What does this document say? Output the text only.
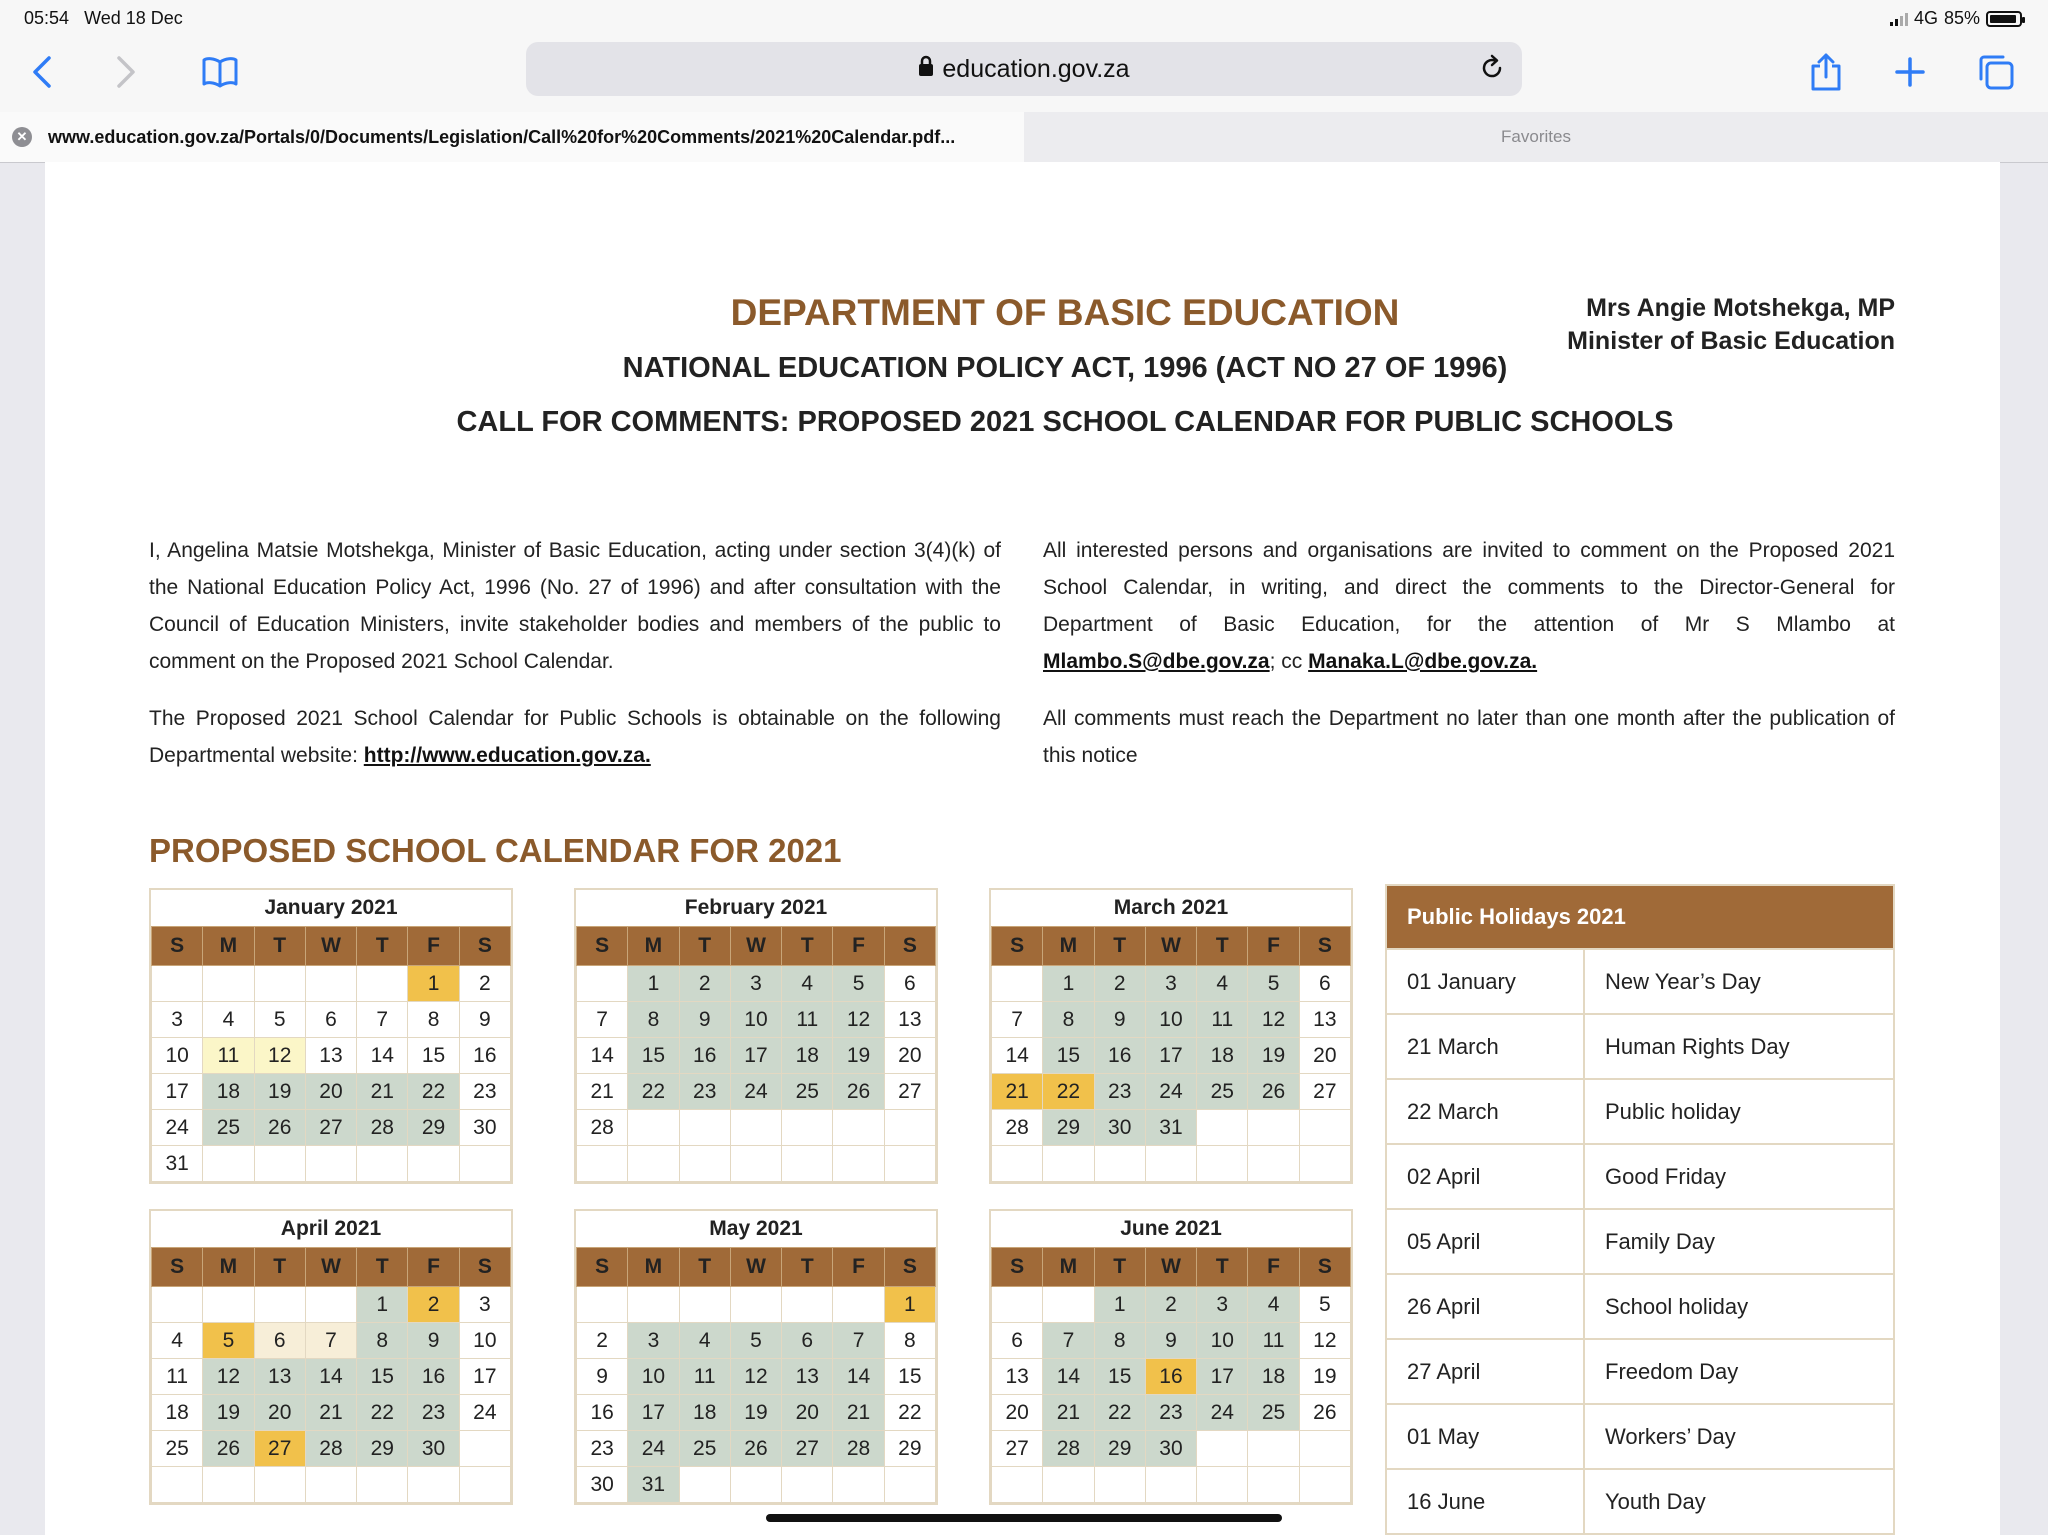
05:54 Wed 18 Dec	4G 85%
education.gov.za
✕ www.education.gov.za/Portals/0/Documents/Legislation/Call%20for%20Comments/2021%20Calendar.pdf...	Favorites
DEPARTMENT OF BASIC EDUCATION	Mrs Angie Motshekga, MP
Minister of Basic Education
NATIONAL EDUCATION POLICY ACT, 1996 (ACT NO 27 OF 1996)
CALL FOR COMMENTS: PROPOSED 2021 SCHOOL CALENDAR FOR PUBLIC SCHOOLS
I, Angelina Matsie Motshekga, Minister of Basic Education, acting under section 3(4)(k) of the National Education Policy Act, 1996 (No. 27 of 1996) and after consultation with the Council of Education Ministers, invite stakeholder bodies and members of the public to comment on the Proposed 2021 School Calendar.
The Proposed 2021 School Calendar for Public Schools is obtainable on the following Departmental website: http://www.education.gov.za.
All interested persons and organisations are invited to comment on the Proposed 2021 School Calendar, in writing, and direct the comments to the Director-General for Department of Basic Education, for the attention of Mr S Mlambo at Mlambo.S@dbe.gov.za; cc Manaka.L@dbe.gov.za.
All comments must reach the Department no later than one month after the publication of this notice
PROPOSED SCHOOL CALENDAR FOR 2021
January 2021
S	M	T	W	T	F	S
					1	2
3	4	5	6	7	8	9
10	11	12	13	14	15	16
17	18	19	20	21	22	23
24	25	26	27	28	29	30
31						
February 2021
S	M	T	W	T	F	S
	1	2	3	4	5	6
7	8	9	10	11	12	13
14	15	16	17	18	19	20
21	22	23	24	25	26	27
28						

March 2021
S	M	T	W	T	F	S
	1	2	3	4	5	6
7	8	9	10	11	12	13
14	15	16	17	18	19	20
21	22	23	24	25	26	27
28	29	30	31			

April 2021
S	M	T	W	T	F	S
				1	2	3
4	5	6	7	8	9	10
11	12	13	14	15	16	17
18	19	20	21	22	23	24
25	26	27	28	29	30	

May 2021
S	M	T	W	T	F	S
						1
2	3	4	5	6	7	8
9	10	11	12	13	14	15
16	17	18	19	20	21	22
23	24	25	26	27	28	29
30	31					
June 2021
S	M	T	W	T	F	S
		1	2	3	4	5
6	7	8	9	10	11	12
13	14	15	16	17	18	19
20	21	22	23	24	25	26
27	28	29	30			

Public Holidays 2021
01 January	New Year’s Day
21 March	Human Rights Day
22 March	Public holiday
02 April	Good Friday
05 April	Family Day
26 April	School holiday
27 April	Freedom Day
01 May	Workers’ Day
16 June	Youth Day
